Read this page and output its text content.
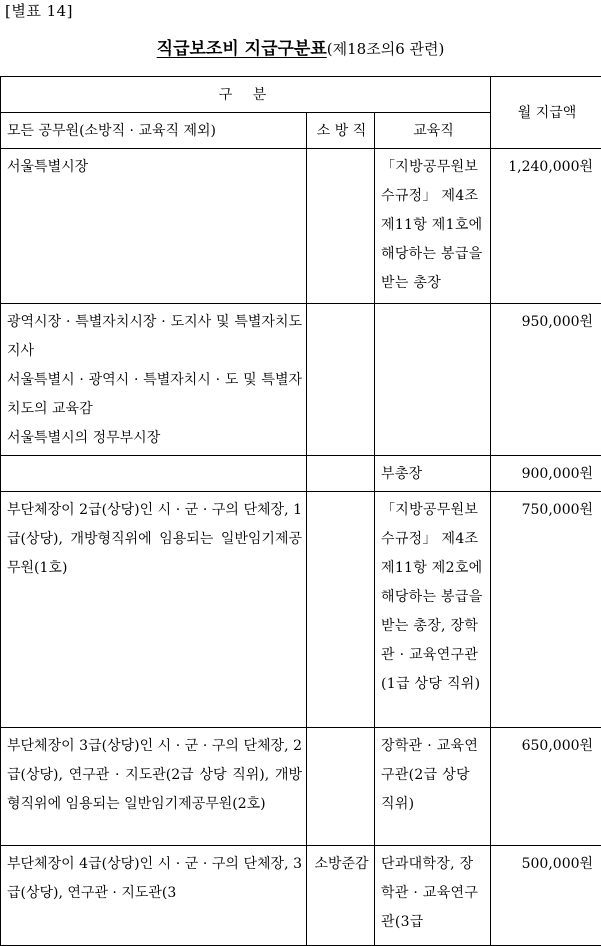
[별표 14]
직급보조비 지급구분표(제18조의6 관련)
구 분			월 지급액
모든 공무원(소방직 · 교육직 제외)	소 방 직	교육직	
서울특별시장		「지방공무원보수규정」 제4조제11항 제1호에 해당하는 봉급을 받는 총장	1,240,000원
광역시장 · 특별자치시장 · 도지사 및 특별자치도지사
서울특별시 · 광역시 · 특별자치시 · 도 및 특별자치도의 교육감
서울특별시의 정무부시장			950,000원
		부총장	900,000원
부단체장이 2급(상당)인 시 · 군 · 구의 단체장, 1급(상당), 개방형직위에 임용되는 일반임기제공무원(1호)		「지방공무원보수규정」 제4조제11항 제2호에 해당하는 봉급을 받는 총장, 장학관 · 교육연구관(1급 상당 직위)	750,000원
부단체장이 3급(상당)인 시 · 군 · 구의 단체장, 2급(상당), 연구관 · 지도관(2급 상당 직위), 개방형직위에 임용되는 일반임기제공무원(2호)		장학관 · 교육연구관(2급 상당 직위)	650,000원
부단체장이 4급(상당)인 시 · 군 · 구의 단체장, 3급(상당), 연구관 · 지도관(3	소방준감	단과대학장, 장학관 · 교육연구관(3급	500,000원
